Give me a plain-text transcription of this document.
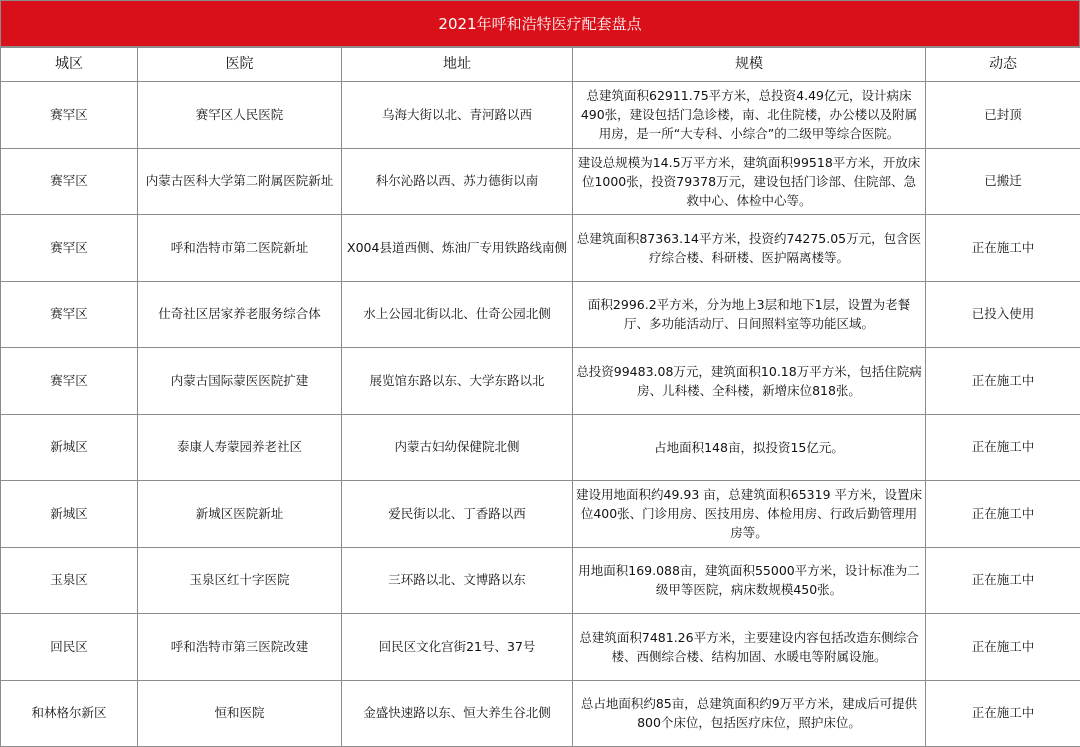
2021年呼和浩特医疗配套盘点
城区	医院	地址	规模	动态
赛罕区	赛罕区人民医院	乌海大街以北、青河路以西	总建筑面积62911.75平方米，总投资4.49亿元，设计病床490张，建设包括门急诊楼，南、北住院楼，办公楼以及附属用房，是一所“大专科、小综合”的二级甲等综合医院。	已封顶
赛罕区	内蒙古医科大学第二附属医院新址	科尔沁路以西、苏力德街以南	建设总规模为14.5万平方米，建筑面积99518平方米，开放床位1000张，投资79378万元，建设包括门诊部、住院部、急救中心、体检中心等。	已搬迁
赛罕区	呼和浩特市第二医院新址	X004县道西侧、炼油厂专用铁路线南侧	总建筑面积87363.14平方米，投资约74275.05万元，包含医疗综合楼、科研楼、医护隔离楼等。	正在施工中
赛罕区	仕奇社区居家养老服务综合体	水上公园北街以北、仕奇公园北侧	面积2996.2平方米，分为地上3层和地下1层，设置为老餐厅、多功能活动厅、日间照料室等功能区域。	已投入使用
赛罕区	内蒙古国际蒙医医院扩建	展览馆东路以东、大学东路以北	总投资99483.08万元，建筑面积10.18万平方米，包括住院病房、儿科楼、全科楼，新增床位818张。	正在施工中
新城区	泰康人寿蒙园养老社区	内蒙古妇幼保健院北侧	占地面积148亩，拟投资15亿元。	正在施工中
新城区	新城区医院新址	爱民街以北、丁香路以西	建设用地面积约49.93 亩，总建筑面积65319 平方米，设置床位400张、门诊用房、医技用房、体检用房、行政后勤管理用房等。	正在施工中
玉泉区	玉泉区红十字医院	三环路以北、文博路以东	用地面积169.088亩，建筑面积55000平方米，设计标准为二级甲等医院，病床数规模450张。	正在施工中
回民区	呼和浩特市第三医院改建	回民区文化宫街21号、37号	总建筑面积7481.26平方米，主要建设内容包括改造东侧综合楼、西侧综合楼、结构加固、水暖电等附属设施。	正在施工中
和林格尔新区	恒和医院	金盛快速路以东、恒大养生谷北侧	总占地面积约85亩，总建筑面积约9万平方米，建成后可提供800个床位，包括医疗床位，照护床位。	正在施工中
